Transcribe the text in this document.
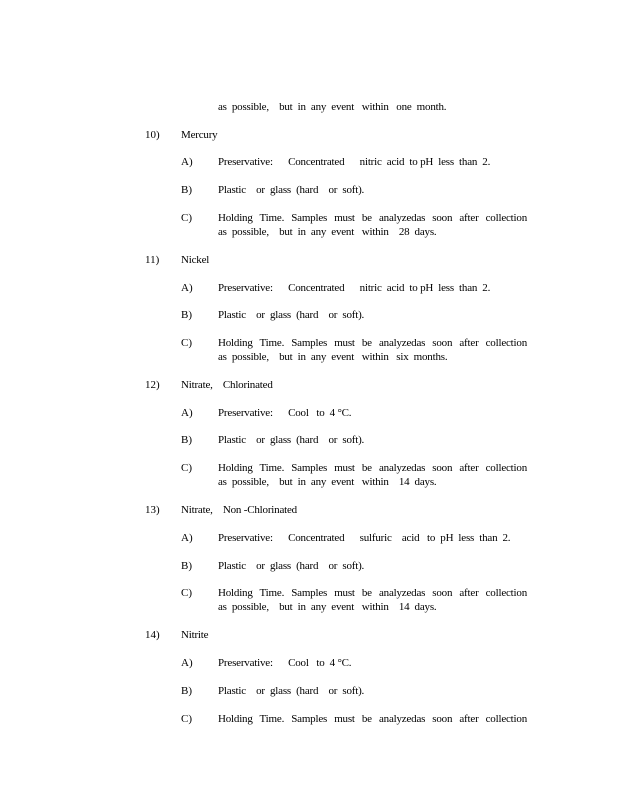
as  possible,    but  in  any  event   within   one  month.
10) Mercury
A) Preservative:      Concentrated      nitric  acid  to pH  less  than  2.
B) Plastic    or  glass  (hard    or  soft).
C) Holding Time. Samples must be analyzedas soon after collection
as  possible,    but  in  any  event   within    28  days.
11) Nickel
A) Preservative:      Concentrated      nitric  acid  to pH  less  than  2.
B) Plastic    or  glass  (hard    or  soft).
C) Holding Time. Samples must be analyzedas soon after collection
as  possible,    but  in  any  event   within   six  months.
12) Nitrate,    Chlorinated
A) Preservative:      Cool   to  4 °C.
B) Plastic    or  glass  (hard    or  soft).
C) Holding Time. Samples must be analyzedas soon after collection
as  possible,    but  in  any  event   within    14  days.
13) Nitrate,    Non -Chlorinated
A) Preservative:      Concentrated      sulfuric    acid   to  pH  less  than  2.
B) Plastic    or  glass  (hard    or  soft).
C) Holding Time. Samples must be analyzedas soon after collection
as  possible,    but  in  any  event   within    14  days.
14) Nitrite
A) Preservative:      Cool   to  4 °C.
B) Plastic    or  glass  (hard    or  soft).
C) Holding Time. Samples must be analyzedas soon after collection
